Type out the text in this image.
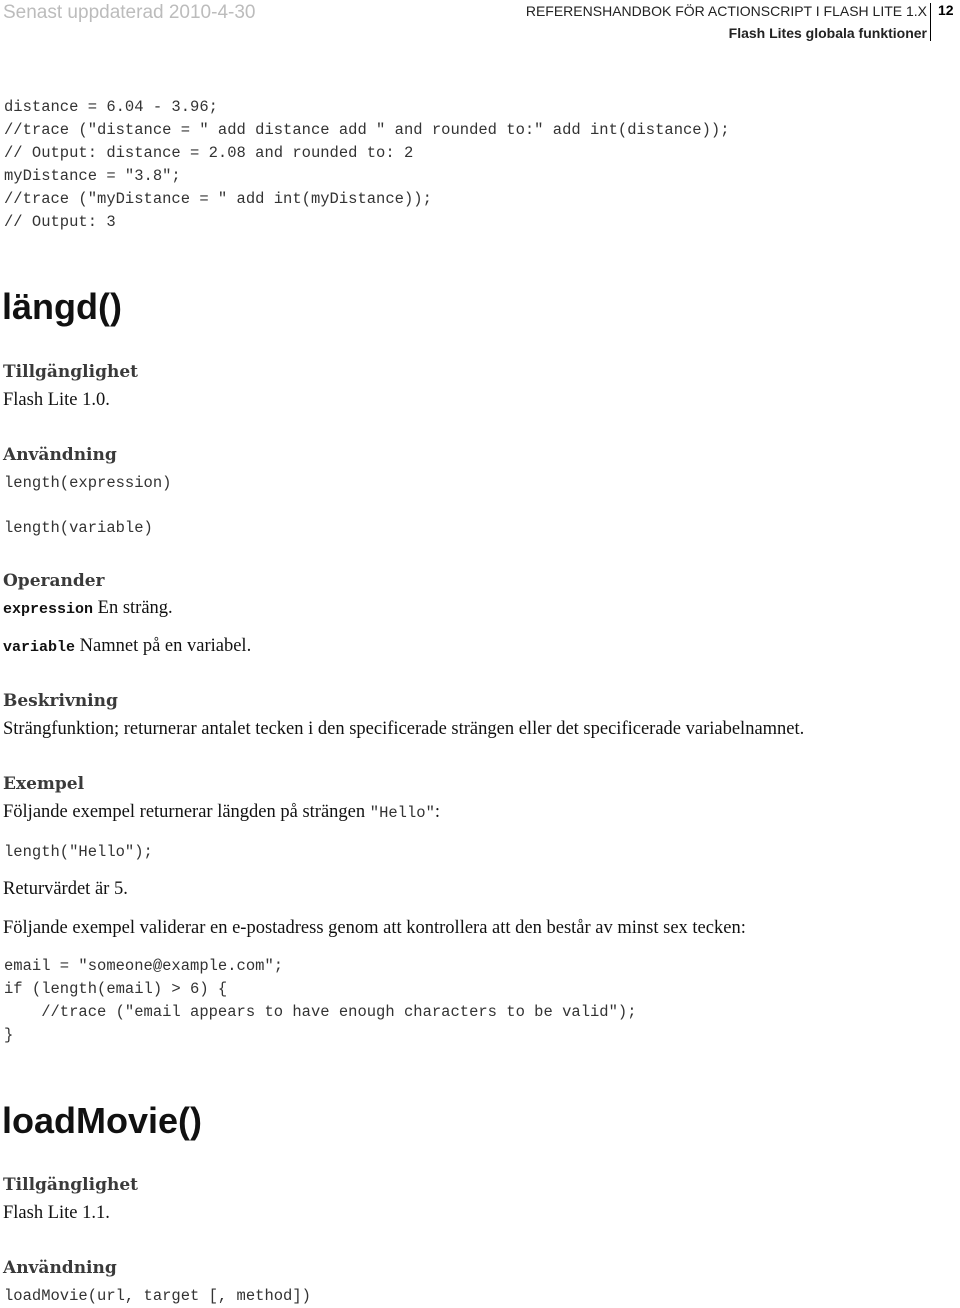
Senast uppdaterad 2010-4-30	REFERENSHANDBOK FÖR ACTIONSCRIPT I FLASH LITE 1.X
Flash Lites globala funktioner
12
distance = 6.04 - 3.96;
//trace ("distance = " add distance add " and rounded to:" add int(distance));
// Output: distance = 2.08 and rounded to: 2
myDistance = "3.8";
//trace ("myDistance = " add int(myDistance));
// Output: 3
längd()
Tillgänglighet

Flash Lite 1.0.

Användning
length(expression)
length(variable)
Operander

expression En sträng.

variable Namnet på en variabel.

Beskrivning

Strängfunktion; returnerar antalet tecken i den specificerade strängen eller det specificerade variabelnamnet.

Exempel

Följande exempel returnerar längden på strängen "Hello":

length("Hello");

Returvärdet är 5.

Följande exempel validerar en e-postadress genom att kontrollera att den består av minst sex tecken:

email = "someone@example.com";
if (length(email) > 6) {
//trace ("email appears to have enough characters to be valid");
}
loadMovie()
Tillgänglighet

Flash Lite 1.1.

Användning
loadMovie(url, target [, method])
